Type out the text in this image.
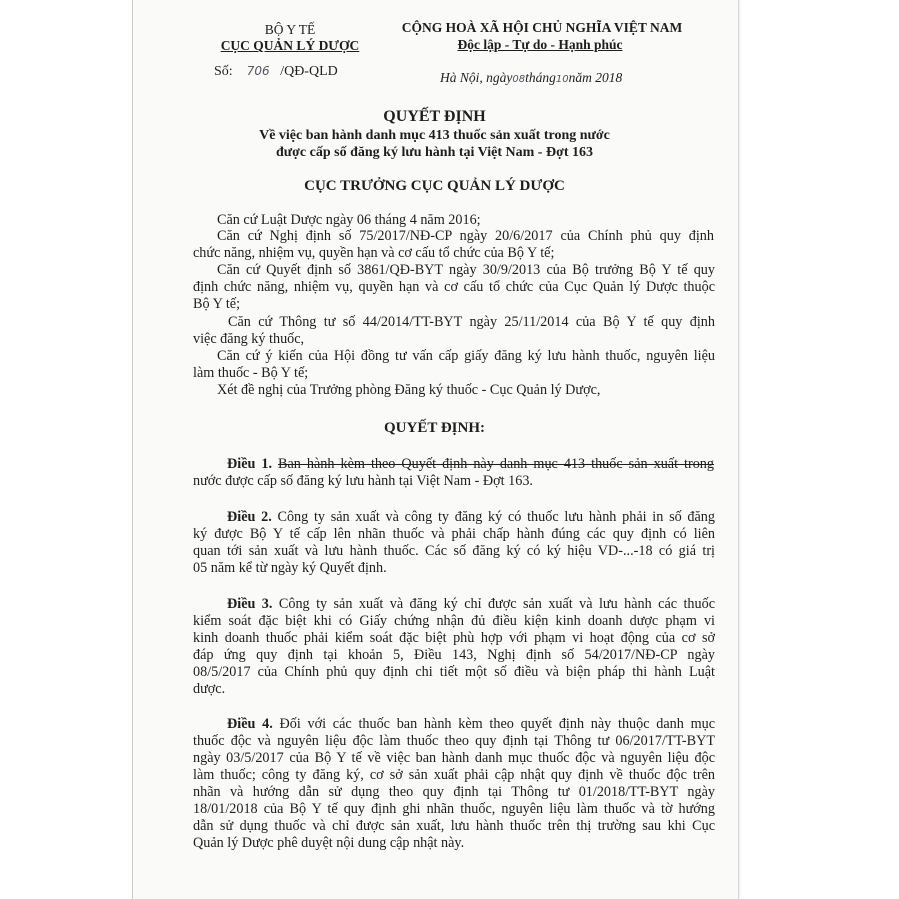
BỘ Y TẾ
CỤC QUẢN LÝ DƯỢC
Số: 706 /QĐ-QLD
CỘNG HOÀ XÃ HỘI CHỦ NGHĨA VIỆT NAM
Độc lập - Tự do - Hạnh phúc
Hà Nội, ngày08tháng10năm 2018
QUYẾT ĐỊNH
Về việc ban hành danh mục 413 thuốc sản xuất trong nước
được cấp số đăng ký lưu hành tại Việt Nam - Đợt 163
CỤC TRƯỞNG CỤC QUẢN LÝ DƯỢC
Căn cứ Luật Dược ngày 06 tháng 4 năm 2016;
Căn cứ Nghị định số 75/2017/NĐ-CP ngày 20/6/2017 của Chính phủ quy định
chức năng, nhiệm vụ, quyền hạn và cơ cấu tổ chức của Bộ Y tế;
Căn cứ Quyết định số 3861/QĐ-BYT ngày 30/9/2013 của Bộ trưởng Bộ Y tế quy
định chức năng, nhiệm vụ, quyền hạn và cơ cấu tổ chức của Cục Quản lý Dược thuộc
Bộ Y tế;
Căn cứ Thông tư số 44/2014/TT-BYT ngày 25/11/2014 của Bộ Y tế quy định
việc đăng ký thuốc,
Căn cứ ý kiến của Hội đồng tư vấn cấp giấy đăng ký lưu hành thuốc, nguyên liệu
làm thuốc - Bộ Y tế;
Xét đề nghị của Trưởng phòng Đăng ký thuốc - Cục Quản lý Dược,
QUYẾT ĐỊNH:
Điều 1. Ban hành kèm theo Quyết định này danh mục 413 thuốc sản xuất trong
nước được cấp số đăng ký lưu hành tại Việt Nam - Đợt 163.
Điều 2. Công ty sản xuất và công ty đăng ký có thuốc lưu hành phải in số đăng
ký được Bộ Y tế cấp lên nhãn thuốc và phải chấp hành đúng các quy định có liên
quan tới sản xuất và lưu hành thuốc. Các số đăng ký có ký hiệu VD-...-18 có giá trị
05 năm kể từ ngày ký Quyết định.
Điều 3. Công ty sản xuất và đăng ký chỉ được sản xuất và lưu hành các thuốc
kiểm soát đặc biệt khi có Giấy chứng nhận đủ điều kiện kinh doanh dược phạm vi
kinh doanh thuốc phải kiểm soát đặc biệt phù hợp với phạm vi hoạt động của cơ sở
đáp ứng quy định tại khoản 5, Điều 143, Nghị định số 54/2017/NĐ-CP ngày
08/5/2017 của Chính phủ quy định chi tiết một số điều và biện pháp thi hành Luật
dược.
Điều 4. Đối với các thuốc ban hành kèm theo quyết định này thuộc danh mục
thuốc độc và nguyên liệu độc làm thuốc theo quy định tại Thông tư 06/2017/TT-BYT
ngày 03/5/2017 của Bộ Y tế về việc ban hành danh mục thuốc độc và nguyên liệu độc
làm thuốc; công ty đăng ký, cơ sở sản xuất phải cập nhật quy định về thuốc độc trên
nhãn và hướng dẫn sử dụng theo quy định tại Thông tư 01/2018/TT-BYT ngày
18/01/2018 của Bộ Y tế quy định ghi nhãn thuốc, nguyên liệu làm thuốc và tờ hướng
dẫn sử dụng thuốc và chỉ được sản xuất, lưu hành thuốc trên thị trường sau khi Cục
Quản lý Dược phê duyệt nội dung cập nhật này.
